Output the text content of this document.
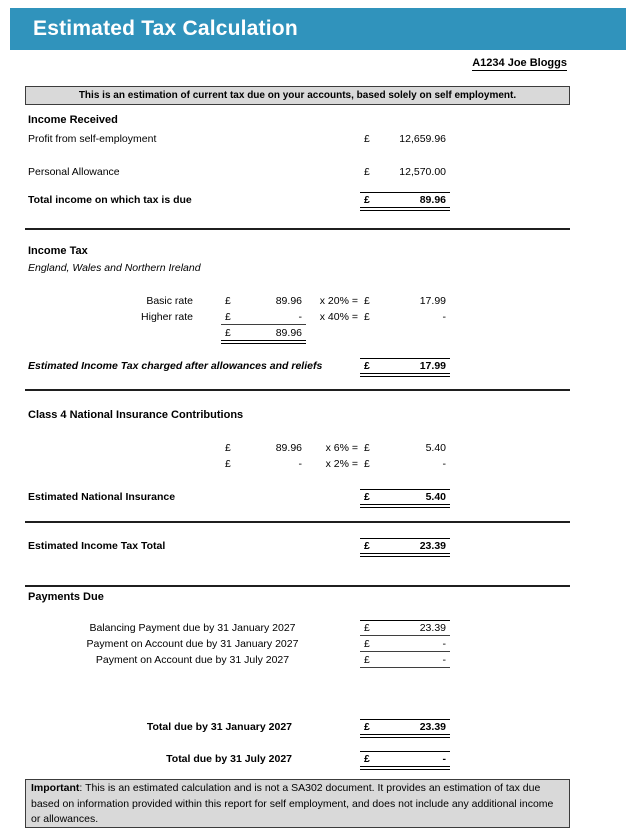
Estimated Tax Calculation
A1234 Joe Bloggs
This is an estimation of current tax due on your accounts, based solely on self employment.
Income Received
Profit from self-employment	£	12,659.96
Personal Allowance	£	12,570.00
Total income on which tax is due	£	89.96
Income Tax
England, Wales and Northern Ireland
Basic rate	£	89.96	x 20% = £	17.99
Higher rate	£	-	x 40% = £	-
£	89.96
Estimated Income Tax charged after allowances and reliefs	£	17.99
Class 4 National Insurance Contributions
£	89.96	x 6% = £	5.40
£	-	x 2% = £	-
Estimated National Insurance	£	5.40
Estimated Income Tax Total	£	23.39
Payments Due
Balancing Payment due by 31 January 2027	£	23.39
Payment on Account due by 31 January 2027	£	-
Payment on Account due by 31 July 2027	£	-
Total due by 31 January 2027	£	23.39
Total due by 31 July 2027	£	-
Important: This is an estimated calculation and is not a SA302 document. It provides an estimation of tax due based on information provided within this report for self employment, and does not include any additional income or allowances.
